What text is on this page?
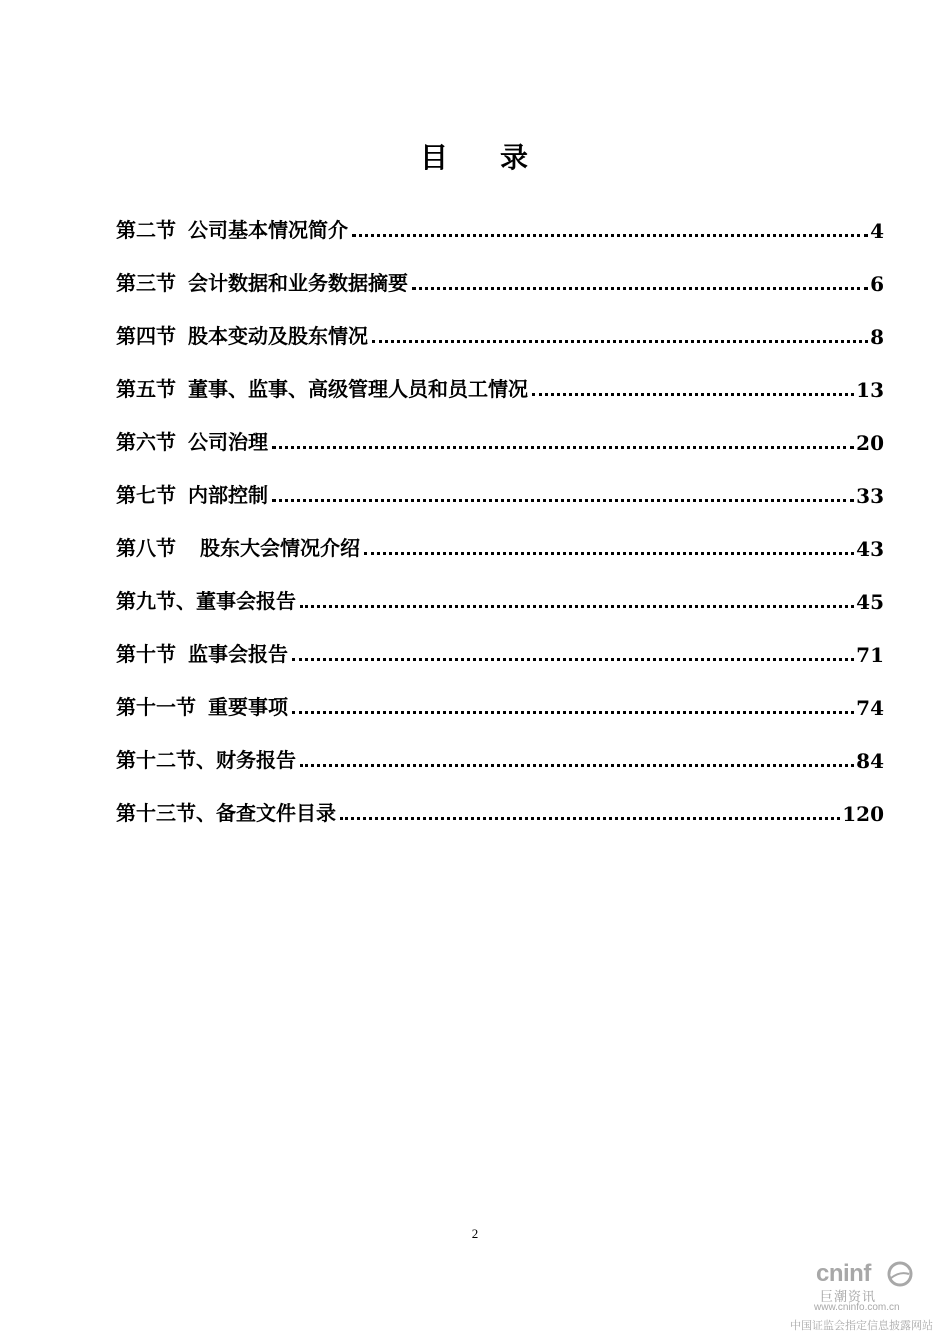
目 录
第二节 公司基本情况简介	4
第三节 会计数据和业务数据摘要	6
第四节 股本变动及股东情况	8
第五节 董事、监事、高级管理人员和员工情况	13
第六节 公司治理	20
第七节 内部控制	33
第八节 股东大会情况介绍	43
第九节、董事会报告	45
第十节 监事会报告	71
第十一节 重要事项	74
第十二节、财务报告	84
第十三节、备查文件目录	120
2
cninf
巨潮资讯
www.cninfo.com.cn
中国证监会指定信息披露网站
